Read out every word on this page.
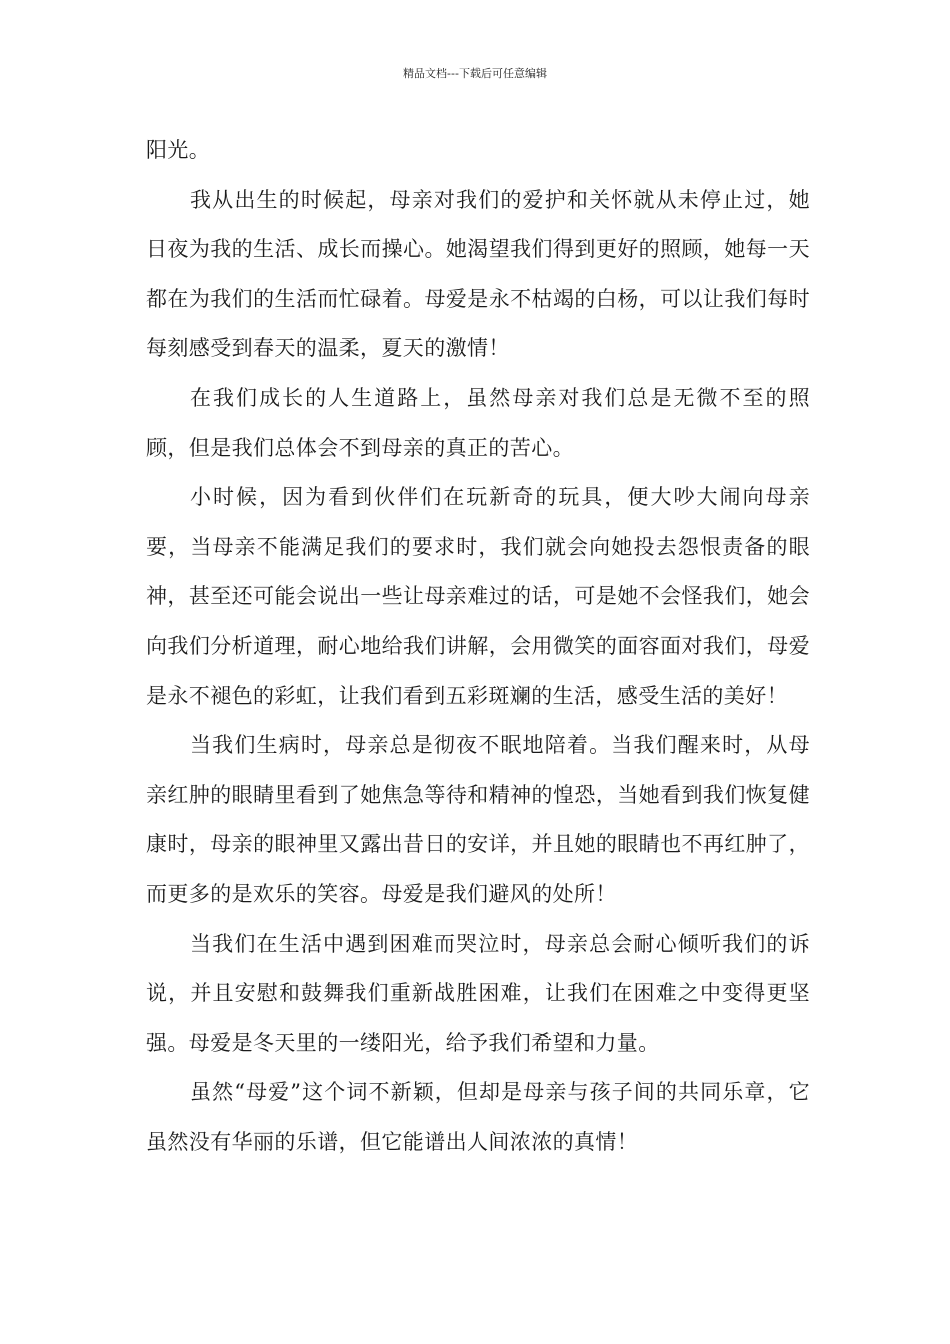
精品文档---下载后可任意编辑

阳光。

我从出生的时候起，母亲对我们的爱护和关怀就从未停止过，她日夜为我的生活、成长而操心。她渴望我们得到更好的照顾，她每一天都在为我们的生活而忙碌着。母爱是永不枯竭的白杨，可以让我们每时每刻感受到春天的温柔，夏天的激情！

在我们成长的人生道路上，虽然母亲对我们总是无微不至的照顾，但是我们总体会不到母亲的真正的苦心。

小时候，因为看到伙伴们在玩新奇的玩具，便大吵大闹向母亲要，当母亲不能满足我们的要求时，我们就会向她投去怨恨责备的眼神，甚至还可能会说出一些让母亲难过的话，可是她不会怪我们，她会向我们分析道理，耐心地给我们讲解，会用微笑的面容面对我们，母爱是永不褪色的彩虹，让我们看到五彩斑斓的生活，感受生活的美好！

当我们生病时，母亲总是彻夜不眠地陪着。当我们醒来时，从母亲红肿的眼睛里看到了她焦急等待和精神的惶恐，当她看到我们恢复健康时，母亲的眼神里又露出昔日的安详，并且她的眼睛也不再红肿了，而更多的是欢乐的笑容。母爱是我们避风的处所！

当我们在生活中遇到困难而哭泣时，母亲总会耐心倾听我们的诉说，并且安慰和鼓舞我们重新战胜困难，让我们在困难之中变得更坚强。母爱是冬天里的一缕阳光，给予我们希望和力量。

虽然“母爱”这个词不新颖，但却是母亲与孩子间的共同乐章，它虽然没有华丽的乐谱，但它能谱出人间浓浓的真情！
